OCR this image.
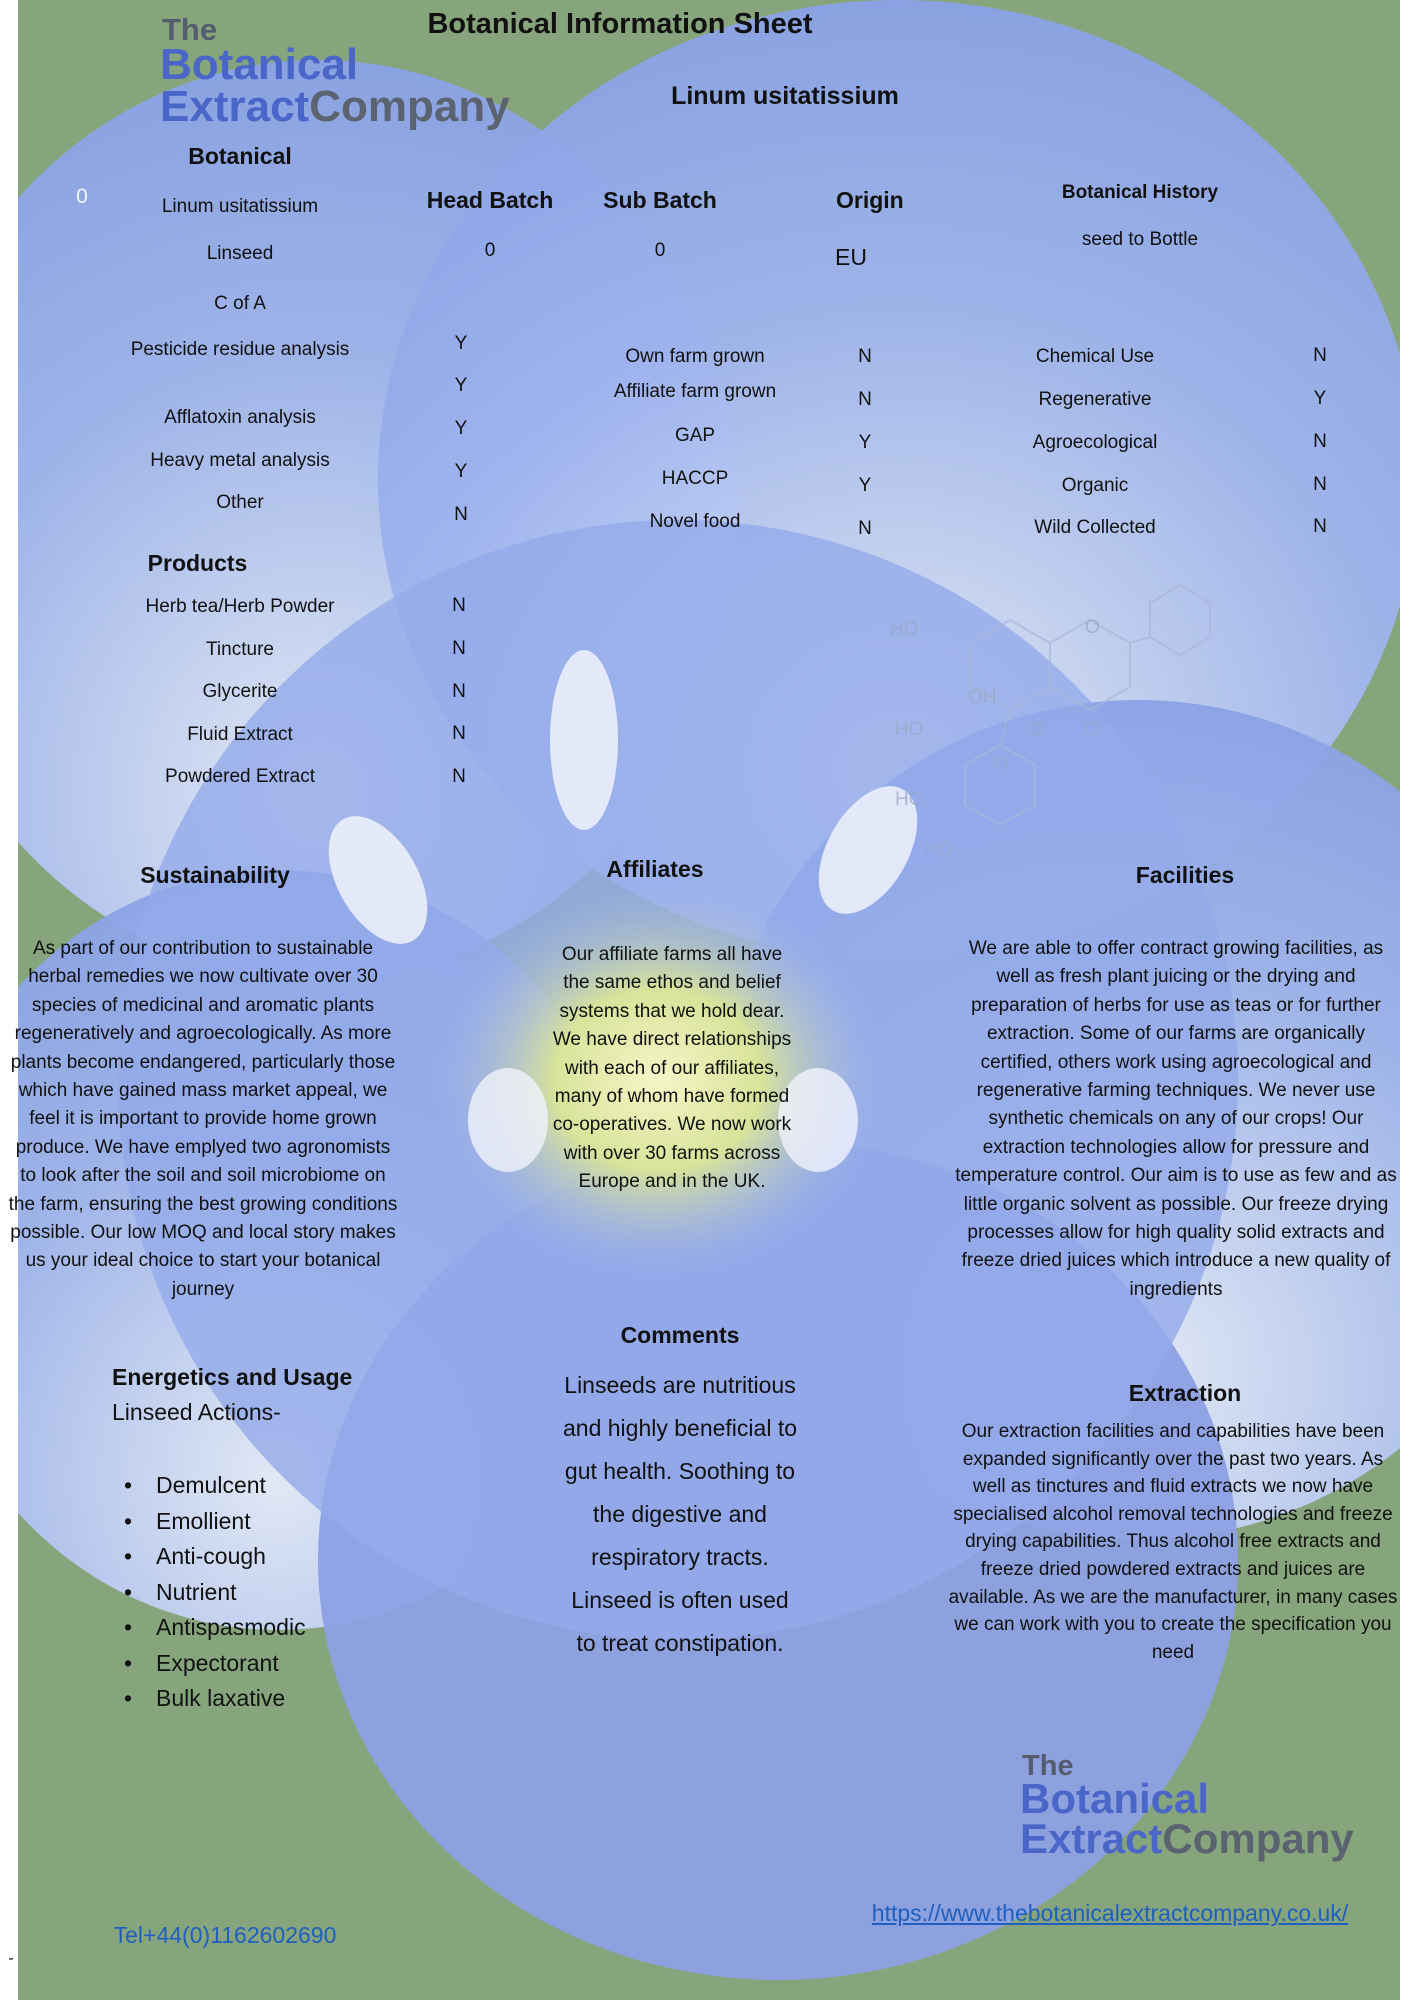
HO
OH
HO
HO
HO
O
O
O
O
The
Botanical
ExtractCompany
Botanical Information Sheet
Linum usitatissium
Botanical
0	Linum usitatissium
Linseed
C of A
Head Batch
0
Sub Batch
0
Origin
EU
Botanical History
seed to Bottle
Pesticide residue analysis
Afflatoxin analysis
Heavy metal analysis
Other
Y
Y
Y
Y
N
Own farm grown
Affiliate farm grown
GAP
HACCP
Novel food
N
N
Y
Y
N
Chemical Use
Regenerative
Agroecological
Organic
Wild Collected
N
Y
N
N
N
Products
Herb tea/Herb Powder
Tincture
Glycerite
Fluid Extract
Powdered Extract
N
N
N
N
N
Sustainability
As part of our contribution to sustainable herbal remedies we now cultivate over 30 species of medicinal and aromatic plants regeneratively and agroecologically. As more plants become endangered, particularly those which have gained mass market appeal, we feel it is important to provide home grown produce. We have emplyed two agronomists to look after the soil and soil microbiome on the farm, ensuring the best growing conditions possible. Our low MOQ and local story makes us your ideal choice to start your botanical journey
Affiliates
Our affiliate farms all have the same ethos and belief systems that we hold dear. We have direct relationships with each of our affiliates, many of whom have formed co-operatives. We now work with over 30 farms across Europe and in the UK.
Facilities
We are able to offer contract growing facilities, as well as fresh plant juicing or the drying and preparation of herbs for use as teas or for further extraction. Some of our farms are organically certified, others work using agroecological and regenerative farming techniques. We never use synthetic chemicals on any of our crops! Our extraction technologies allow for pressure and temperature control. Our aim is to use as few and as little organic solvent as possible. Our freeze drying processes allow for high quality solid extracts and freeze dried juices which introduce a new quality of ingredients
Energetics and Usage
Linseed Actions-
• Demulcent
• Emollient
• Anti-cough
• Nutrient
• Antispasmodic
• Expectorant
• Bulk laxative
Comments
Linseeds are nutritious and highly beneficial to gut health. Soothing to the digestive and respiratory tracts. Linseed is often used to treat constipation.
Extraction
Our extraction facilities and capabilities have been expanded significantly over the past two years. As well as tinctures and fluid extracts we now have specialised alcohol removal technologies and freeze drying capabilities. Thus alcohol free extracts and freeze dried powdered extracts and juices are available. As we are the manufacturer, in many cases we can work with you to create the specification you need
The
Botanical
ExtractCompany
Tel+44(0)1162602690
https://www.thebotanicalextractcompany.co.uk/
-
